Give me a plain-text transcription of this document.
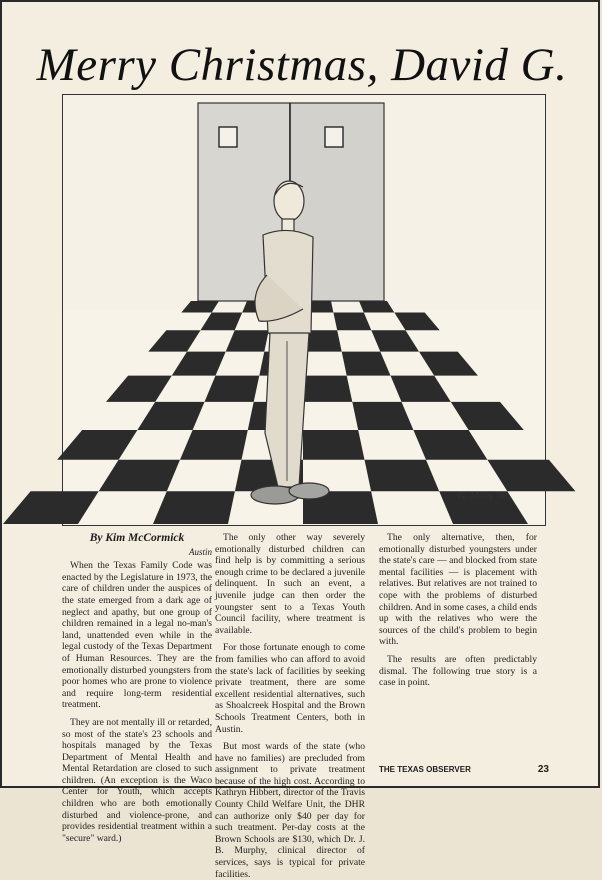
Merry Christmas, David G.
G. Moos '80
By Kim McCormick
Austin

When the Texas Family Code was enacted by the Legislature in 1973, the care of children under the auspices of the state emerged from a dark age of neglect and apathy, but one group of children remained in a legal no-man's land, unattended even while in the legal custody of the Texas Department of Human Resources. They are the emotionally disturbed youngsters from poor homes who are prone to violence and require long-term residential treatment.

They are not mentally ill or retarded, so most of the state's 23 schools and hospitals managed by the Texas Department of Mental Health and Mental Retardation are closed to such children. (An exception is the Waco Center for Youth, which accepts children who are both emotionally disturbed and violence-prone, and provides residential treatment within a "secure" ward.)

The only other way severely emotionally disturbed children can find help is by committing a serious enough crime to be declared a juvenile delinquent. In such an event, a juvenile judge can then order the youngster sent to a Texas Youth Council facility, where treatment is available.

For those fortunate enough to come from families who can afford to avoid the state's lack of facilities by seeking private treatment, there are some excellent residential alternatives, such as Shoalcreek Hospital and the Brown Schools Treatment Centers, both in Austin.

But most wards of the state (who have no families) are precluded from assignment to private treatment because of the high cost. According to Kathryn Hibbert, director of the Travis County Child Welfare Unit, the DHR can authorize only $40 per day for such treatment. Per-day costs at the Brown Schools are $130, which Dr. J. B. Murphy, clinical director of services, says is typical for private facilities.

The only alternative, then, for emotionally disturbed youngsters under the state's care — and blocked from state mental facilities — is placement with relatives. But relatives are not trained to cope with the problems of disturbed children. And in some cases, a child ends up with the relatives who were the sources of the child's problem to begin with.

The results are often predictably dismal. The following true story is a case in point.

THE TEXAS OBSERVER	23
